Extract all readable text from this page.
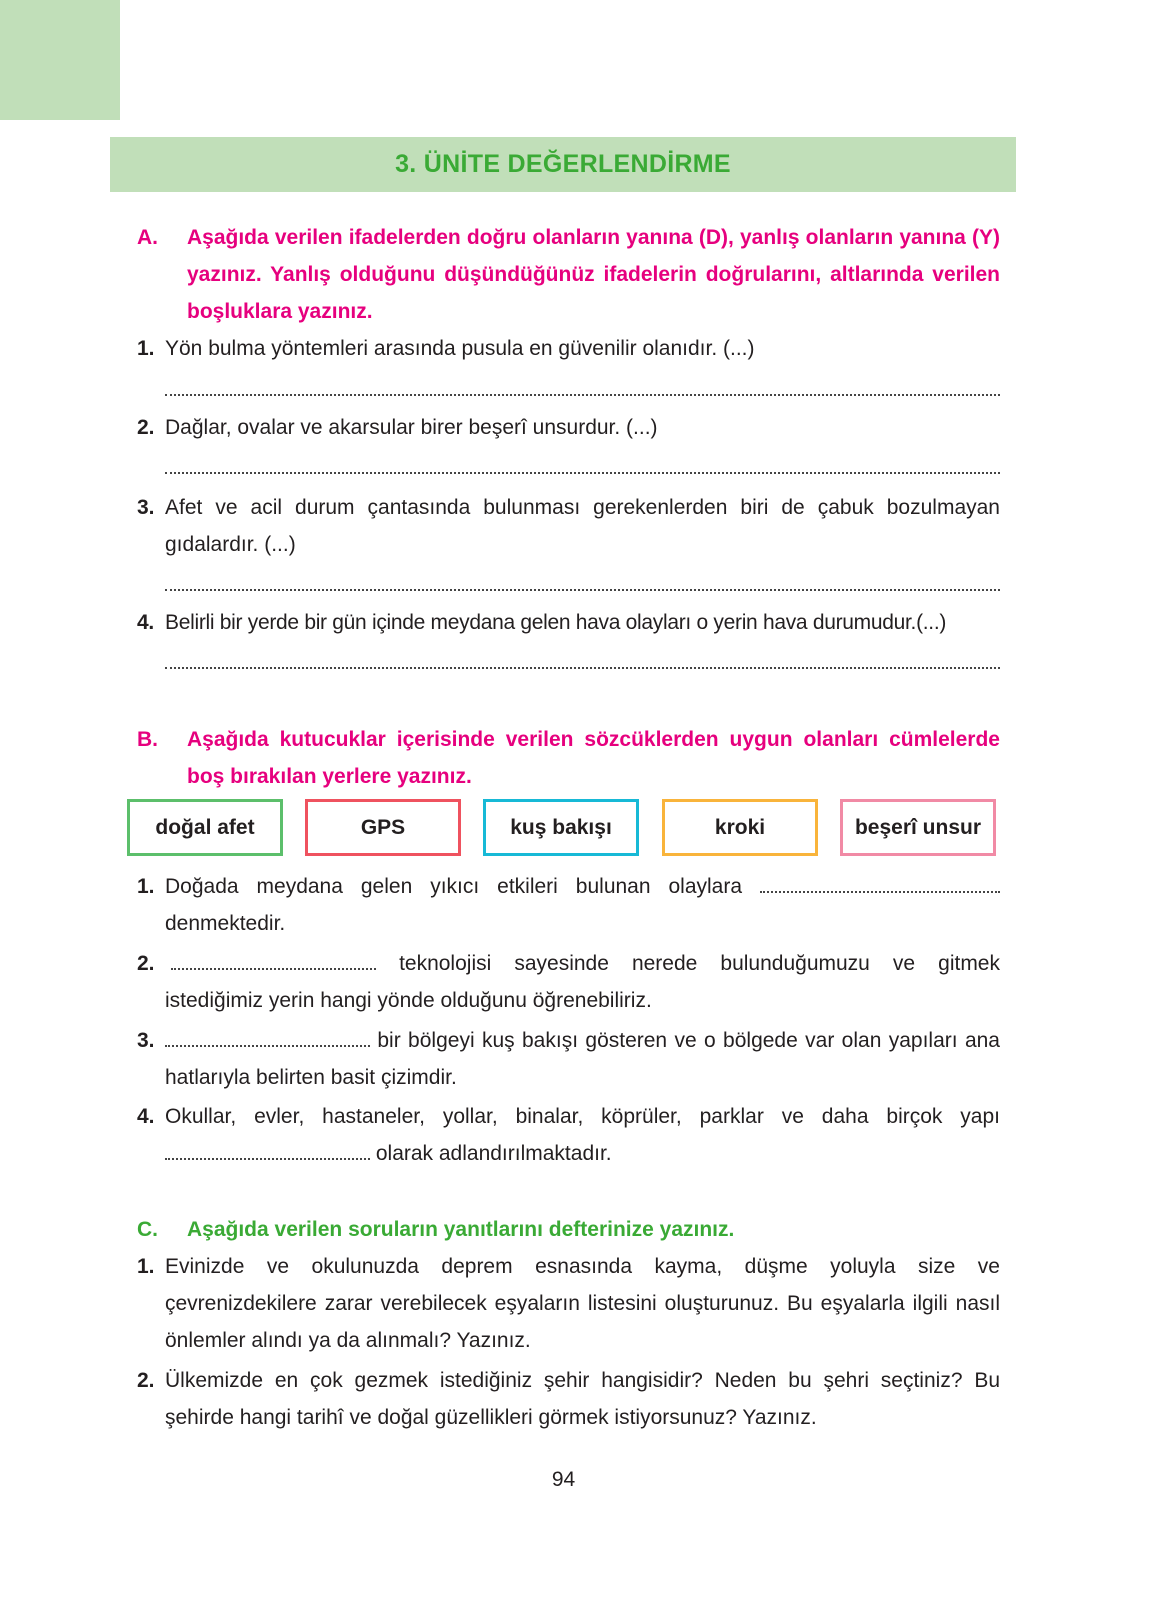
3. ÜNİTE DEĞERLENDİRME
A. Aşağıda verilen ifadelerden doğru olanların yanına (D), yanlış olanların yanına (Y) yazınız. Yanlış olduğunu düşündüğünüz ifadelerin doğrularını, altlarında verilen boşluklara yazınız.
1. Yön bulma yöntemleri arasında pusula en güvenilir olanıdır. (...)
2. Dağlar, ovalar ve akarsular birer beşerî unsurdur. (...)
3. Afet ve acil durum çantasında bulunması gerekenlerden biri de çabuk bozulmayan gıdalardır. (...)
4. Belirli bir yerde bir gün içinde meydana gelen hava olayları o yerin hava durumudur.(...)
B. Aşağıda kutucuklar içerisinde verilen sözcüklerden uygun olanları cümlelerde boş bırakılan yerlere yazınız.
doğal afet	GPS	kuş bakışı	kroki	beşerî unsur
1. Doğada meydana gelen yıkıcı etkileri bulunan olaylara  denmektedir.
2.	teknolojisi sayesinde nerede bulunduğumuzu ve gitmek istediğimiz yerin hangi yönde olduğunu öğrenebiliriz.
3.	bir bölgeyi kuş bakışı gösteren ve o bölgede var olan yapıları ana hatlarıyla belirten basit çizimdir.
4. Okullar, evler, hastaneler, yollar, binalar, köprüler, parklar ve daha birçok yapı  olarak adlandırılmaktadır.
C. Aşağıda verilen soruların yanıtlarını defterinize yazınız.
1. Evinizde ve okulunuzda deprem esnasında kayma, düşme yoluyla size ve çevrenizdekilere zarar verebilecek eşyaların listesini oluşturunuz. Bu eşyalarla ilgili nasıl önlemler alındı ya da alınmalı? Yazınız.
2. Ülkemizde en çok gezmek istediğiniz şehir hangisidir? Neden bu şehri seçtiniz? Bu şehirde hangi tarihî ve doğal güzellikleri görmek istiyorsunuz? Yazınız.
94
